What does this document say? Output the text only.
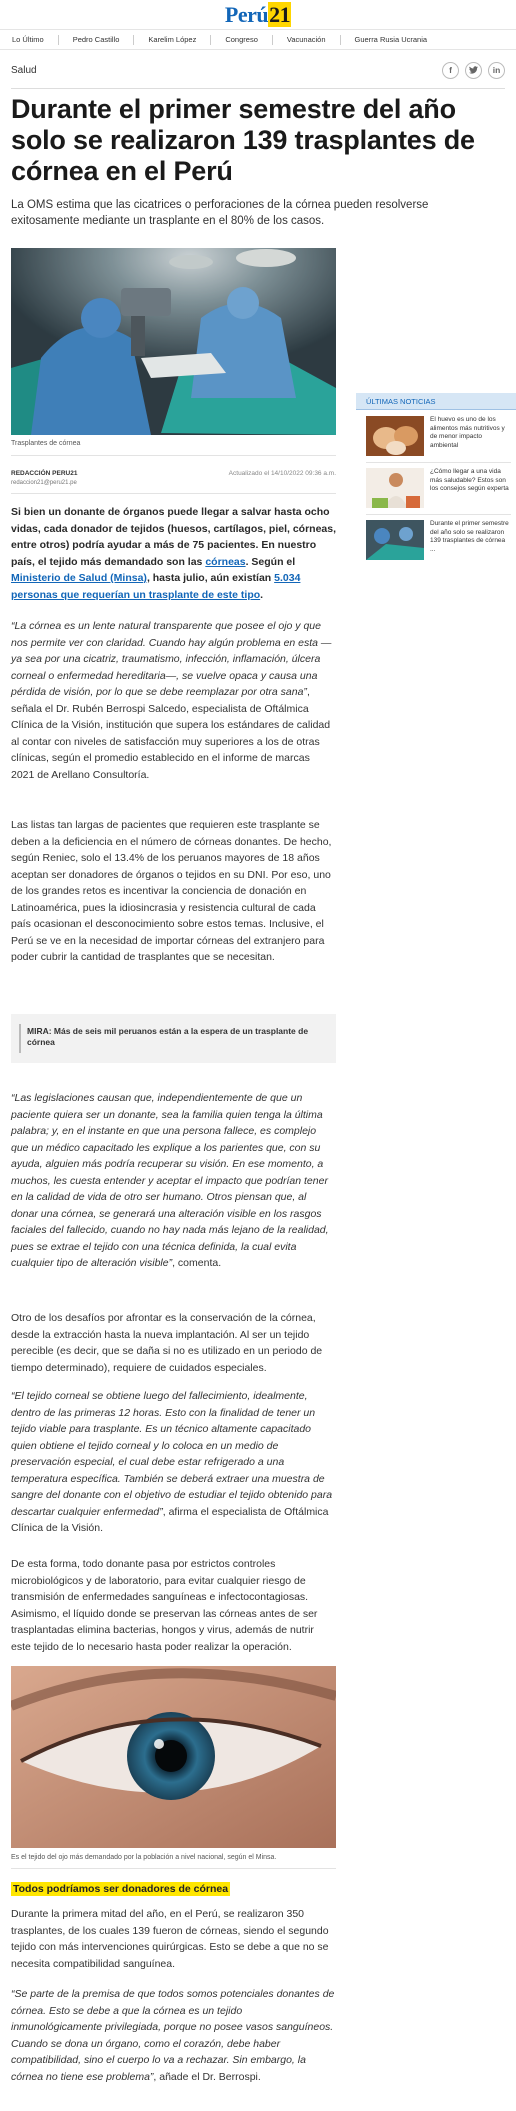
Perú21
Lo Último	Pedro Castillo	Karelim López	Congreso	Vacunación	Guerra Rusia Ucrania
Salud	f	in
Durante el primer semestre del año solo se realizaron 139 trasplantes de córnea en el Perú

La OMS estima que las cicatrices o perforaciones de la córnea pueden resolverse exitosamente mediante un trasplante en el 80% de los casos.

Trasplantes de córnea
REDACCIÓN PERU21
redaccion21@peru21.pe
Actualizado el 14/10/2022 09:36 a.m.

Si bien un donante de órganos puede llegar a salvar hasta ocho vidas, cada donador de tejidos (huesos, cartílagos, piel, córneas, entre otros) podría ayudar a más de 75 pacientes. En nuestro país, el tejido más demandado son las córneas. Según el Ministerio de Salud (Minsa), hasta julio, aún existían 5.034 personas que requerían un trasplante de este tipo.

“La córnea es un lente natural transparente que posee el ojo y que nos permite ver con claridad. Cuando hay algún problema en esta —ya sea por una cicatriz, traumatismo, infección, inflamación, úlcera corneal o enfermedad hereditaria—, se vuelve opaca y causa una pérdida de visión, por lo que se debe reemplazar por otra sana”, señala el Dr. Rubén Berrospi Salcedo, especialista de Oftálmica Clínica de la Visión, institución que supera los estándares de calidad al contar con niveles de satisfacción muy superiores a los de otras clínicas, según el promedio establecido en el informe de marcas 2021 de Arellano Consultoría.

Las listas tan largas de pacientes que requieren este trasplante se deben a la deficiencia en el número de córneas donantes. De hecho, según Reniec, solo el 13.4% de los peruanos mayores de 18 años aceptan ser donadores de órganos o tejidos en su DNI. Por eso, uno de los grandes retos es incentivar la conciencia de donación en Latinoamérica, pues la idiosincrasia y resistencia cultural de cada país ocasionan el desconocimiento sobre estos temas. Inclusive, el Perú se ve en la necesidad de importar córneas del extranjero para poder cubrir la cantidad de trasplantes que se necesitan.

MIRA: Más de seis mil peruanos están a la espera de un trasplante de córnea

“Las legislaciones causan que, independientemente de que un paciente quiera ser un donante, sea la familia quien tenga la última palabra; y, en el instante en que una persona fallece, es complejo que un médico capacitado les explique a los parientes que, con su ayuda, alguien más podría recuperar su visión. En ese momento, a muchos, les cuesta entender y aceptar el impacto que podrían tener en la calidad de vida de otro ser humano. Otros piensan que, al donar una córnea, se generará una alteración visible en los rasgos faciales del fallecido, cuando no hay nada más lejano de la realidad, pues se extrae el tejido con una técnica definida, la cual evita cualquier tipo de alteración visible”, comenta.

Otro de los desafíos por afrontar es la conservación de la córnea, desde la extracción hasta la nueva implantación. Al ser un tejido perecible (es decir, que se daña si no es utilizado en un periodo de tiempo determinado), requiere de cuidados especiales.

“El tejido corneal se obtiene luego del fallecimiento, idealmente, dentro de las primeras 12 horas. Esto con la finalidad de tener un tejido viable para trasplante. Es un técnico altamente capacitado quien obtiene el tejido corneal y lo coloca en un medio de preservación especial, el cual debe estar refrigerado a una temperatura específica. También se deberá extraer una muestra de sangre del donante con el objetivo de estudiar el tejido obtenido para descartar cualquier enfermedad”, afirma el especialista de Oftálmica Clínica de la Visión.

De esta forma, todo donante pasa por estrictos controles microbiológicos y de laboratorio, para evitar cualquier riesgo de transmisión de enfermedades sanguíneas e infectocontagiosas. Asimismo, el líquido donde se preservan las córneas antes de ser trasplantadas elimina bacterias, hongos y virus, además de nutrir este tejido de lo necesario hasta poder realizar la operación.

Es el tejido del ojo más demandado por la población a nivel nacional, según el Minsa.
Todos podríamos ser donadores de córnea

Durante la primera mitad del año, en el Perú, se realizaron 350 trasplantes, de los cuales 139 fueron de córneas, siendo el segundo tejido con más intervenciones quirúrgicas. Esto se debe a que no se necesita compatibilidad sanguínea.

“Se parte de la premisa de que todos somos potenciales donantes de córnea. Esto se debe a que la córnea es un tejido inmunológicamente privilegiada, porque no posee vasos sanguíneos. Cuando se dona un órgano, como el corazón, debe haber compatibilidad, sino el cuerpo lo va a rechazar. Sin embargo, la córnea no tiene ese problema”, añade el Dr. Berrospi.

ÚLTIMAS NOTICIAS
El huevo es uno de los alimentos más nutritivos y de menor impacto ambiental
¿Cómo llegar a una vida más saludable? Estos son los consejos según experta
Durante el primer semestre del año solo se realizaron 139 trasplantes de córnea ...
